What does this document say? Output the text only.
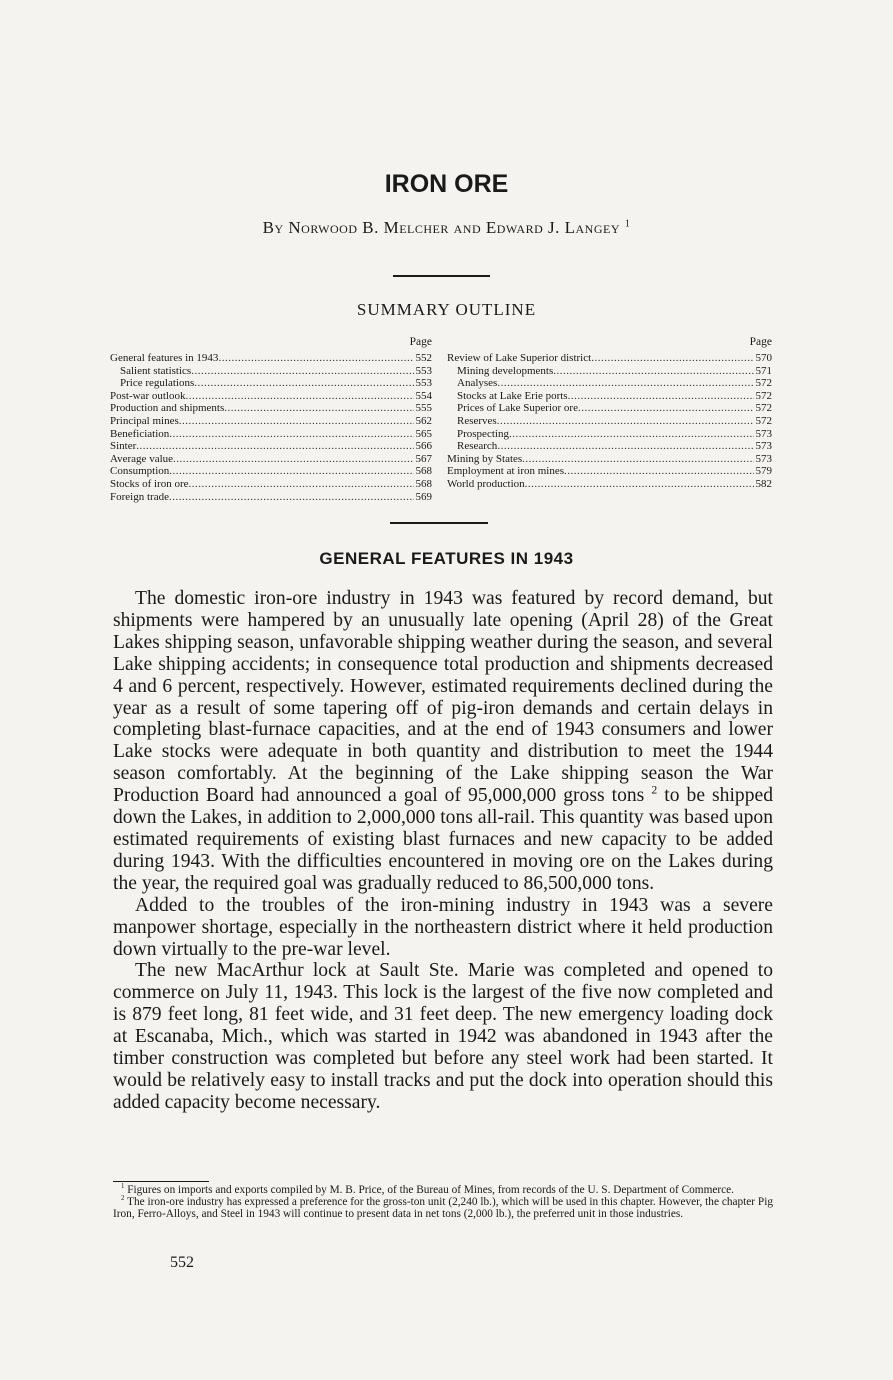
IRON ORE
By Norwood B. Melcher and Edward J. Langey $^1$
SUMMARY OUTLINE
Page
General features in 1943 .....	552
Salient statistics .....	553
Price regulations .....	553
Post-war outlook .....	554
Production and shipments .....	555
Principal mines .....	562
Beneficiation .....	565
Sinter .....	566
Average value .....	567
Consumption .....	568
Stocks of iron ore .....	568
Foreign trade .....	569
Page
Review of Lake Superior district .....	570
Mining developments .....	571
Analyses .....	572
Stocks at Lake Erie ports .....	572
Prices of Lake Superior ore .....	572
Reserves .....	572
Prospecting .....	573
Research .....	573
Mining by States .....	573
Employment at iron mines .....	579
World production .....	582
GENERAL FEATURES IN 1943

The domestic iron-ore industry in 1943 was featured by record demand, but shipments were hampered by an unusually late opening (April 28) of the Great Lakes shipping season, unfavorable shipping weather during the season, and several Lake shipping accidents; in consequence total production and shipments decreased 4 and 6 percent, respectively. However, estimated requirements declined during the year as a result of some tapering off of pig-iron demands and certain delays in completing blast-furnace capacities, and at the end of 1943 consumers and lower Lake stocks were adequate in both quantity and distribution to meet the 1944 season comfortably. At the beginning of the Lake shipping season the War Production Board had announced a goal of 95,000,000 gross tons $^2$ to be shipped down the Lakes, in addition to 2,000,000 tons all-rail. This quantity was based upon estimated requirements of existing blast furnaces and new capacity to be added during 1943. With the difficulties encountered in moving ore on the Lakes during the year, the required goal was gradually reduced to 86,500,000 tons.

Added to the troubles of the iron-mining industry in 1943 was a severe manpower shortage, especially in the northeastern district where it held production down virtually to the pre-war level.

The new MacArthur lock at Sault Ste. Marie was completed and opened to commerce on July 11, 1943. This lock is the largest of the five now completed and is 879 feet long, 81 feet wide, and 31 feet deep. The new emergency loading dock at Escanaba, Mich., which was started in 1942 was abandoned in 1943 after the timber construction was completed but before any steel work had been started. It would be relatively easy to install tracks and put the dock into operation should this added capacity become necessary.

$^1$ Figures on imports and exports compiled by M. B. Price, of the Bureau of Mines, from records of the U. S. Department of Commerce.

$^2$ The iron-ore industry has expressed a preference for the gross-ton unit (2,240 lb.), which will be used in this chapter. However, the chapter Pig Iron, Ferro-Alloys, and Steel in 1943 will continue to present data in net tons (2,000 lb.), the preferred unit in those industries.

552
